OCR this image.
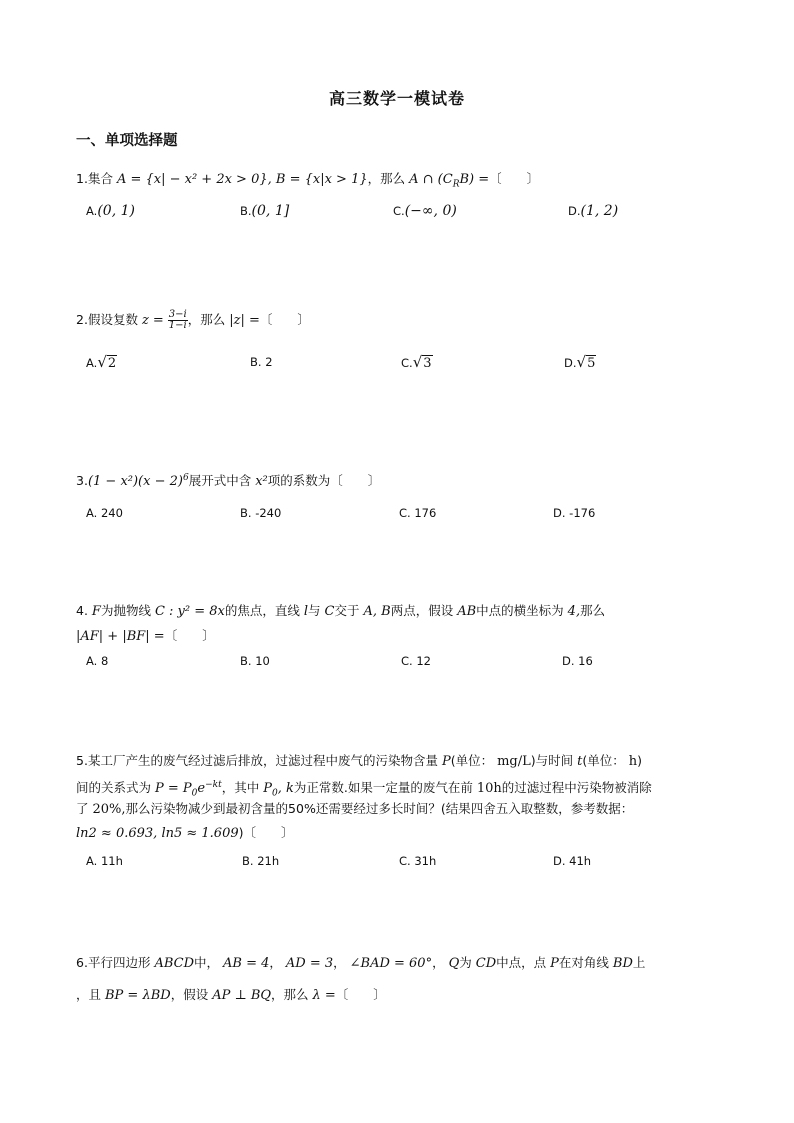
高三数学一模试卷
一、单项选择题
1.集合 A = {x| − x² + 2x > 0}, B = {x|x > 1}，那么 A ∩ $(C_RB)$ =〔　　〕
A.(0, 1)	B.(0, 1]	C.(−∞, 0)	D.(1, 2)
2.假设复数 $z = \frac{3-i}{1-i}$ ，那么 |z| =〔　　〕
A.√2	B. 2	C.√3	D.√5
$3.(1 - x^2)(x - 2)^6$展开式中含 x²项的系数为〔　　〕
A. 240	B. -240	C. 176	D. -176
4. F为抛物线 C : y² = 8x的焦点，直线 l与 C交于 A, B两点，假设 AB中点的横坐标为 4,那么
|AF| + |BF| =〔　　〕
A. 8	B. 10	C. 12	D. 16
5.某工厂产生的废气经过滤后排放，过滤过程中废气的污染物含量 P(单位： mg/L)与时间 t(单位： h)
间的关系式为 $P = P_0e^{-kt}$，其中 $P_0$, k为正常数.如果一定量的废气在前 10h的过滤过程中污染物被消除
了 20%,那么污染物减少到最初含量的50%还需要经过多长时间？(结果四舍五入取整数，参考数据：
ln2 ≈ 0.693, ln5 ≈ 1.609)〔　　〕
A. 11h	B. 21h	C. 31h	D. 41h
6.平行四边形 ABCD中， AB = 4， AD = 3， ∠BAD = 60°， Q为 CD中点，点 P在对角线 BD上
，且 BP = λBD，假设 AP ⊥ BQ，那么 λ =〔　　〕
